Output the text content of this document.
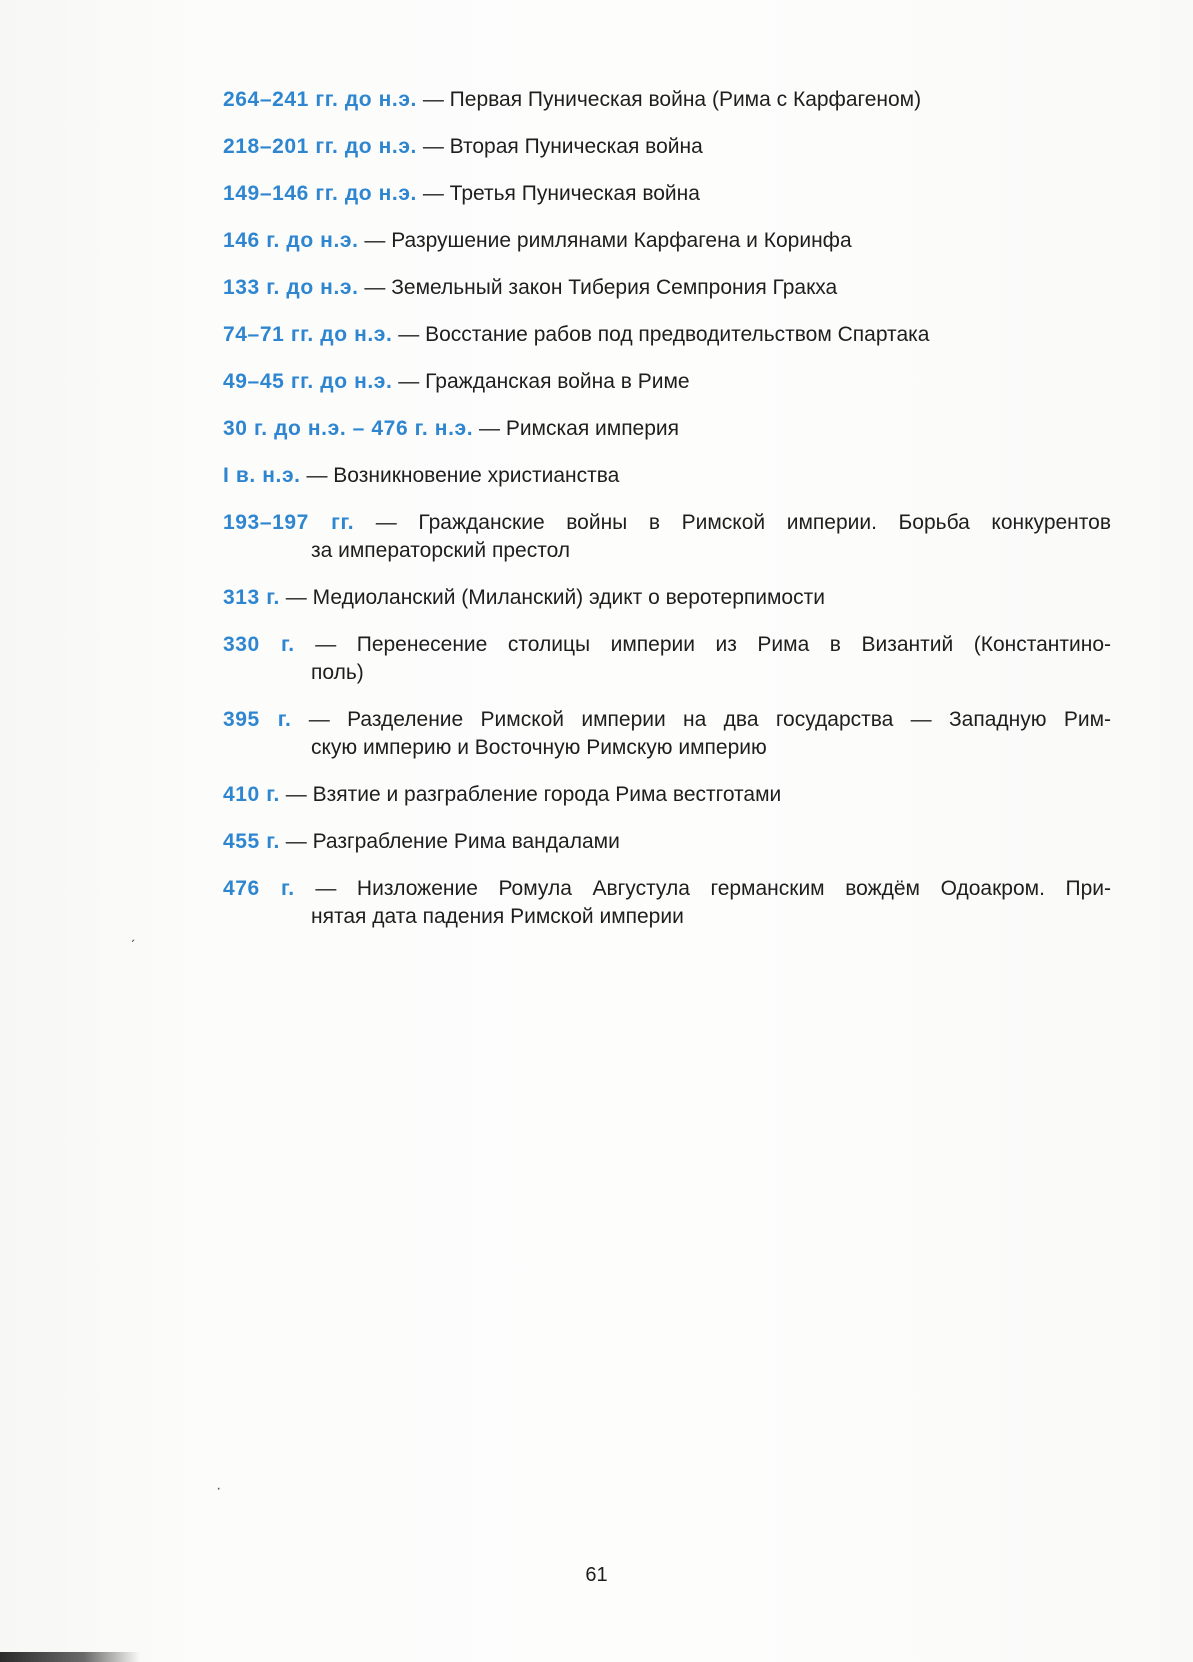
264–241 гг. до н.э. — Первая Пуническая война (Рима с Карфагеном)
218–201 гг. до н.э. — Вторая Пуническая война
149–146 гг. до н.э. — Третья Пуническая война
146 г. до н.э. — Разрушение римлянами Карфагена и Коринфа
133 г. до н.э. — Земельный закон Тиберия Семпрония Гракха
74–71 гг. до н.э. — Восстание рабов под предводительством Спартака
49–45 гг. до н.э. — Гражданская война в Риме
30 г. до н.э. – 476 г. н.э. — Римская империя
I в. н.э. — Возникновение христианства
193–197 гг. — Гражданские войны в Римской империи. Борьба конкурентов
за императорский престол
313 г. — Медиоланский (Миланский) эдикт о веротерпимости
330 г. — Перенесение столицы империи из Рима в Византий (Константино-
поль)
395 г. — Разделение Римской империи на два государства — Западную Рим-
скую империю и Восточную Римскую империю
410 г. — Взятие и разграбление города Рима вестготами
455 г. — Разграбление Рима вандалами
476 г. — Низложение Ромула Августула германским вождём Одоакром. При-
нятая дата падения Римской империи
61
ˏ
·
